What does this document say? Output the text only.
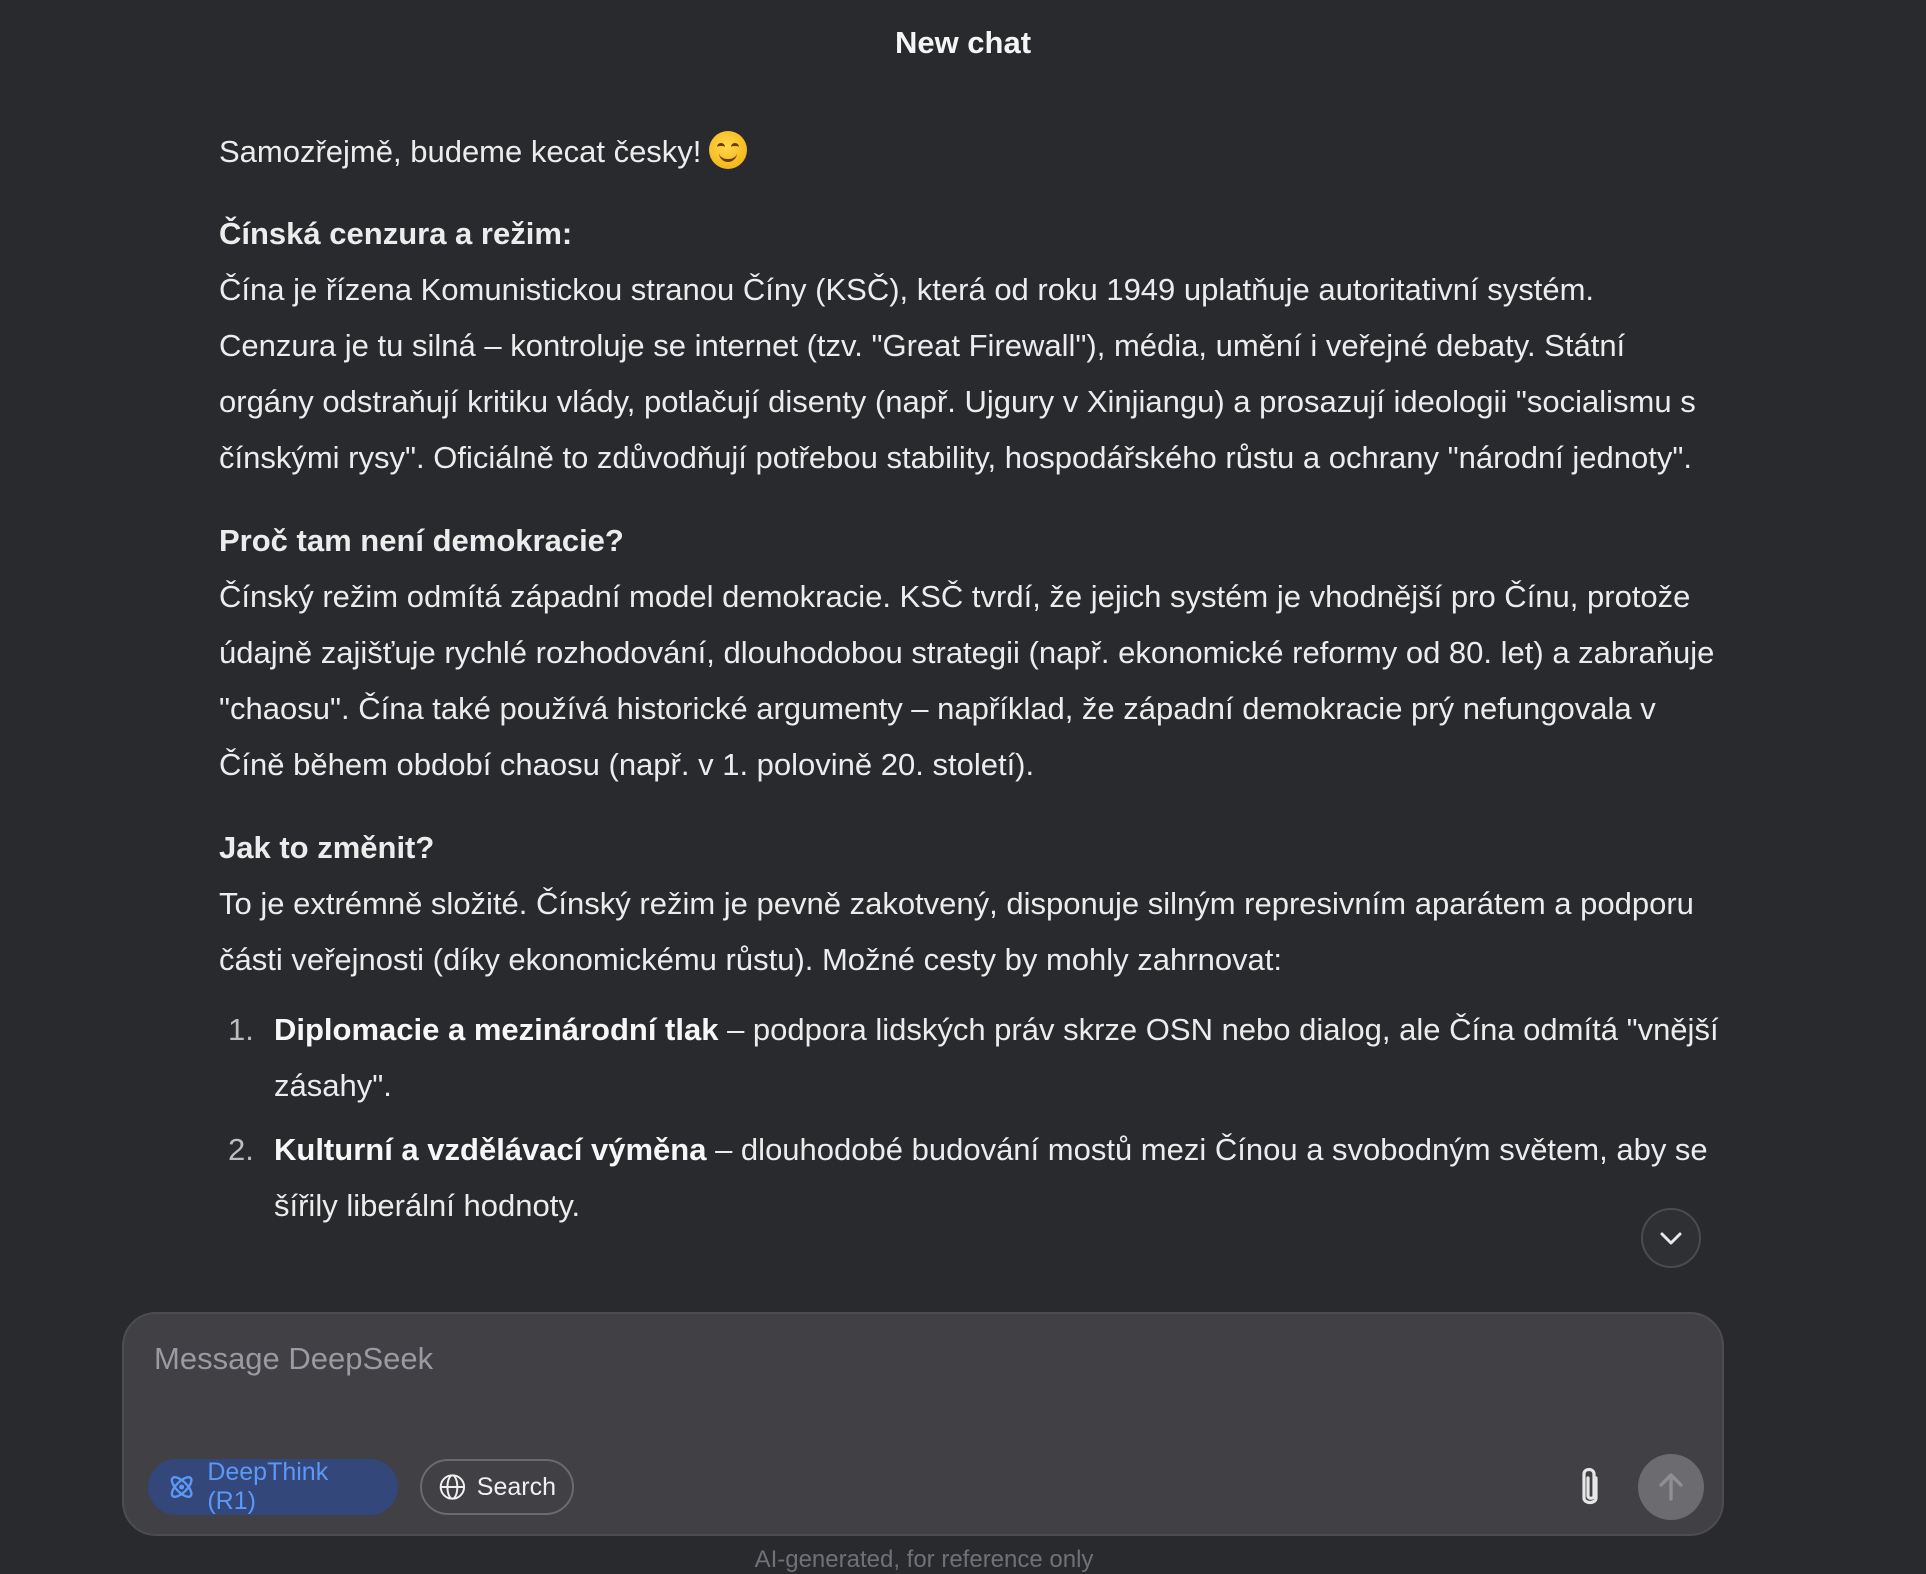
New chat

Samozřejmě, budeme kecat česky!

Čínská cenzura a režim:

Čína je řízena Komunistickou stranou Číny (KSČ), která od roku 1949 uplatňuje autoritativní systém. Cenzura je tu silná – kontroluje se internet (tzv. "Great Firewall"), média, umění i veřejné debaty. Státní orgány odstraňují kritiku vlády, potlačují disenty (např. Ujgury v Xinjiangu) a prosazují ideologii "socialismu s čínskými rysy". Oficiálně to zdůvodňují potřebou stability, hospodářského růstu a ochrany "národní jednoty".

Proč tam není demokracie?

Čínský režim odmítá západní model demokracie. KSČ tvrdí, že jejich systém je vhodnější pro Čínu, protože údajně zajišťuje rychlé rozhodování, dlouhodobou strategii (např. ekonomické reformy od 80. let) a zabraňuje "chaosu". Čína také používá historické argumenty – například, že západní demokracie prý nefungovala v Číně během období chaosu (např. v 1. polovině 20. století).

Jak to změnit?

To je extrémně složité. Čínský režim je pevně zakotvený, disponuje silným represivním aparátem a podporu části veřejnosti (díky ekonomickému růstu). Možné cesty by mohly zahrnovat:

1. Diplomacie a mezinárodní tlak – podpora lidských práv skrze OSN nebo dialog, ale Čína odmítá "vnější zásahy".
2. Kulturní a vzdělávací výměna – dlouhodobé budování mostů mezi Čínou a svobodným světem, aby se šířily liberální hodnoty.
Message DeepSeek
DeepThink (R1)
Search
AI-generated, for reference only
